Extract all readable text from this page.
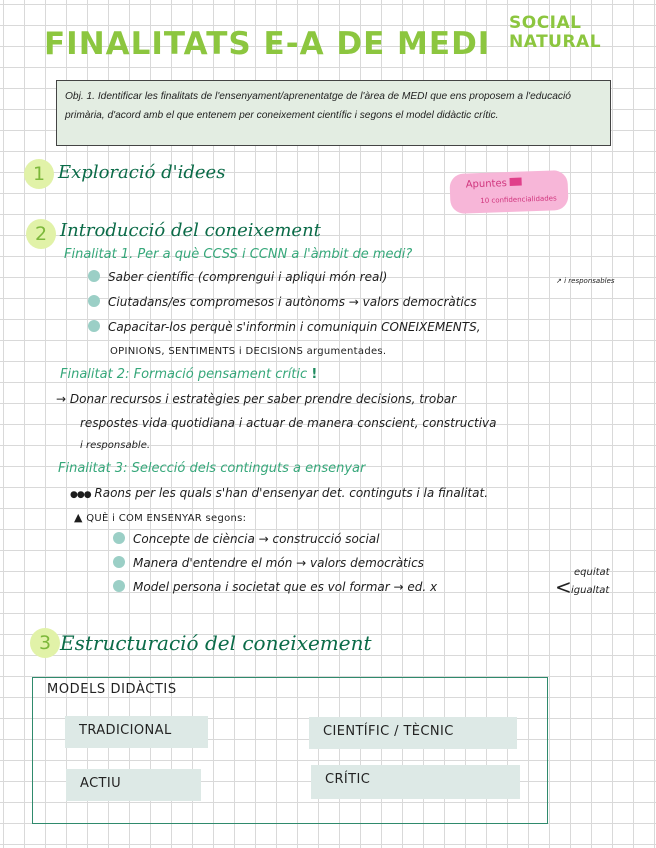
FINALITATS E-A DE MEDI
SOCIAL
NATURAL
Obj. 1. Identificar les finalitats de l'ensenyament/aprenentatge de l'àrea de MEDI que ens proposem a l'educació primària, d'acord amb el que entenem per coneixement científic i segons el model didàctic crític.
Apuntes
10 confidencialidades
1 Exploració d'idees
2 Introducció del coneixement
Finalitat 1. Per a què CCSS i CCNN a l'àmbit de medi?
Saber científic (comprengui i apliqui món real)	↗ i responsables
Ciutadans/es compromesos i autònoms → valors democràtics
Capacitar-los perquè s'informin i comuniquin CONEIXEMENTS,
OPINIONS, SENTIMENTS i DECISIONS argumentades.
Finalitat 2: Formació pensament crític !
→ Donar recursos i estratègies per saber prendre decisions, trobar
respostes vida quotidiana i actuar de manera conscient, constructiva
i responsable.
Finalitat 3: Selecció dels continguts a ensenyar
●●● Raons per les quals s'han d'ensenyar det. continguts i la finalitat.
▲ QUÈ i COM ENSENYAR segons:
Concepte de ciència → construcció social
Manera d'entendre el món → valors democràtics
Model persona i societat que es vol formar → ed. x	<
equitat
igualtat
3 Estructuració del coneixement
MODELS DIDÀCTIS
TRADICIONAL	CIENTÍFIC / TÈCNIC
ACTIU	CRÍTIC
